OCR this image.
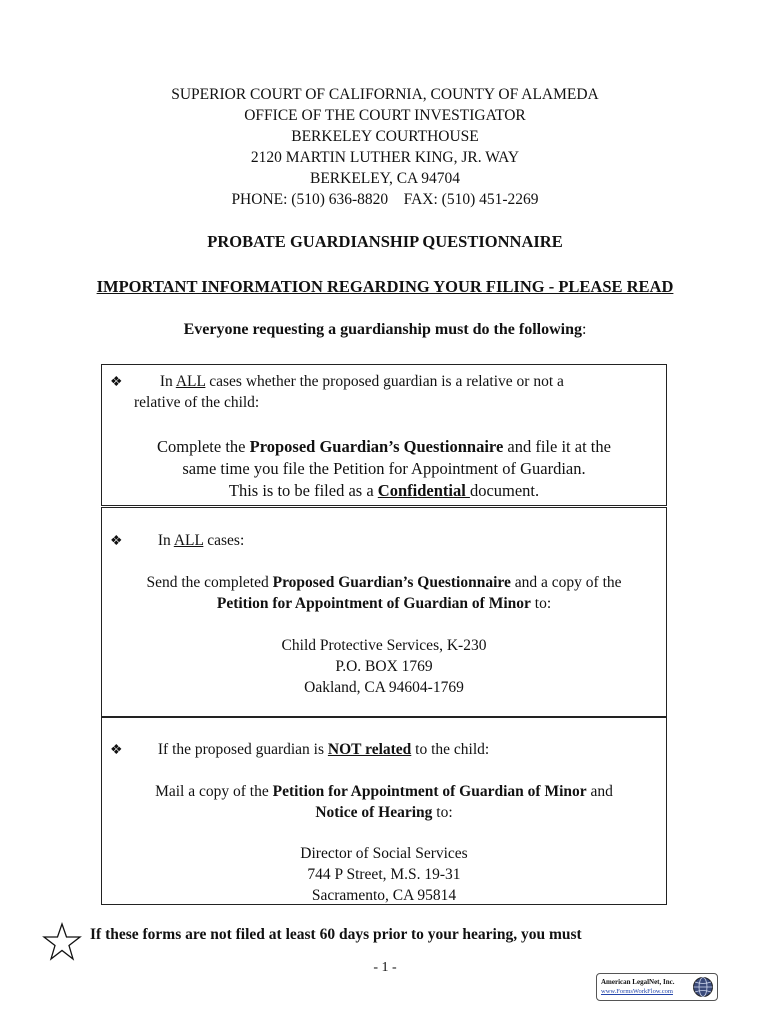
SUPERIOR COURT OF CALIFORNIA, COUNTY OF ALAMEDA
OFFICE OF THE COURT INVESTIGATOR
BERKELEY COURTHOUSE
2120 MARTIN LUTHER KING, JR. WAY
BERKELEY, CA 94704
PHONE: (510) 636-8820    FAX: (510) 451-2269
PROBATE GUARDIANSHIP QUESTIONNAIRE
IMPORTANT INFORMATION REGARDING YOUR FILING - PLEASE READ
Everyone requesting a guardianship must do the following:
❖ In ALL cases whether the proposed guardian is a relative or not a
relative of the child:
Complete the Proposed Guardian’s Questionnaire and file it at the
same time you file the Petition for Appointment of Guardian.
This is to be filed as a Confidential document.
❖ In ALL cases:
Send the completed Proposed Guardian’s Questionnaire and a copy of the
Petition for Appointment of Guardian of Minor to:
Child Protective Services, K-230
P.O. BOX 1769
Oakland, CA 94604-1769
❖ If the proposed guardian is NOT related to the child:
Mail a copy of the Petition for Appointment of Guardian of Minor and
Notice of Hearing to:
Director of Social Services
744 P Street, M.S. 19-31
Sacramento, CA 95814
If these forms are not filed at least 60 days prior to your hearing, you must
- 1 -
American LegalNet, Inc.
www.FormsWorkFlow.com
